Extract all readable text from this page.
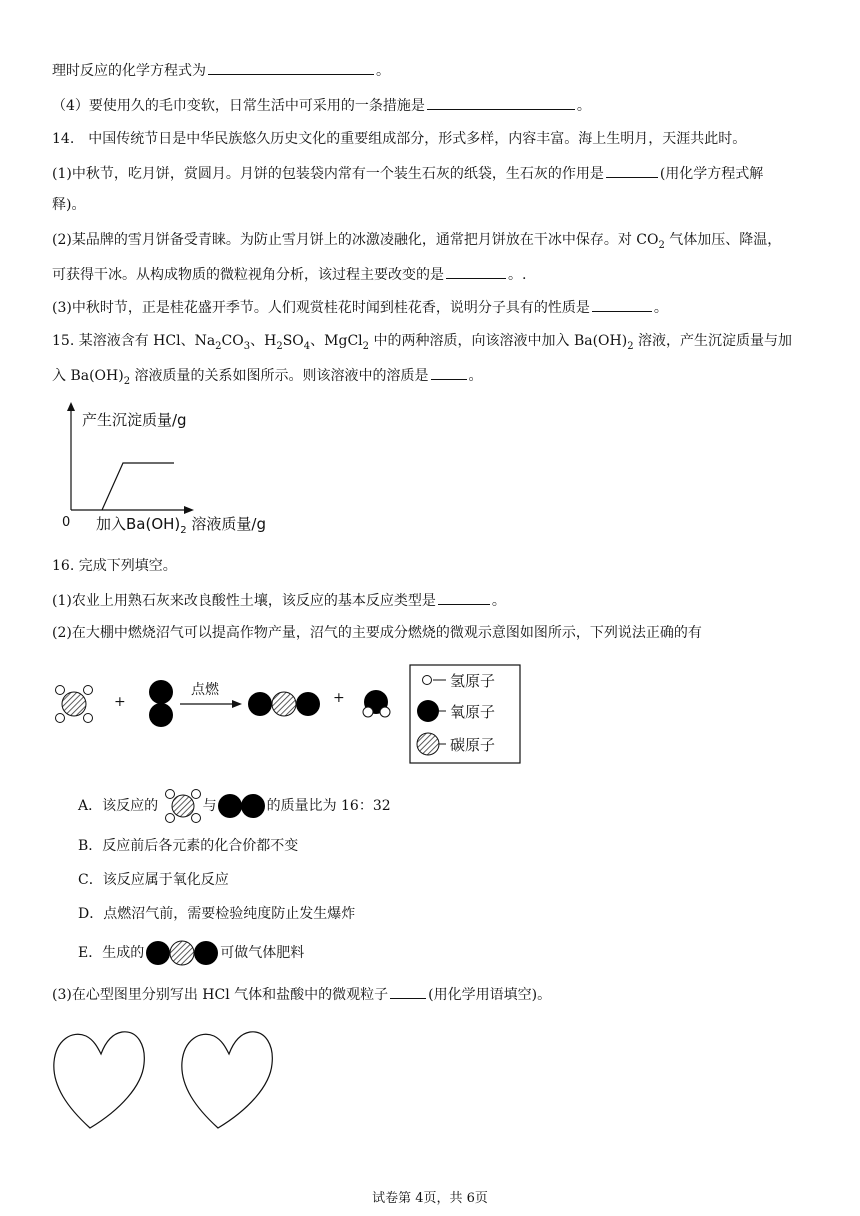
理时反应的化学方程式为	。
（4）要使用久的毛巾变软，日常生活中可采用的一条措施是	。
14.　中国传统节日是中华民族悠久历史文化的重要组成部分，形式多样，内容丰富。海上生明月，天涯共此时。
(1)中秋节，吃月饼，赏圆月。月饼的包装袋内常有一个装生石灰的纸袋，生石灰的作用是	(用化学方程式解
释)。
(2)某品牌的雪月饼备受青睐。为防止雪月饼上的冰激凌融化，通常把月饼放在干冰中保存。对 $CO_2$ 气体加压、降温，
可获得干冰。从构成物质的微粒视角分析，该过程主要改变的是	。.
(3)中秋时节，正是桂花盛开季节。人们观赏桂花时闻到桂花香，说明分子具有的性质是	。
15. 某溶液含有 HCl、$Na_2CO_3$、$H_2SO_4$、MgCl$_2$ 中的两种溶质，向该溶液中加入 $Ba(OH)_2$ 溶液，产生沉淀质量与加
入 $Ba(OH)_2$ 溶液质量的关系如图所示。则该溶液中的溶质是	。
产生沉淀质量/g
0 加入$Ba(OH)_2$ 溶液质量/g
16. 完成下列填空。
(1)农业上用熟石灰来改良酸性土壤，该反应的基本反应类型是	。
(2)在大棚中燃烧沼气可以提高作物产量，沼气的主要成分燃烧的微观示意图如图所示，下列说法正确的有
+	+
点燃	氢原子
氧原子
碳原子
A．该反应的	与	的质量比为 16：32
B．反应前后各元素的化合价都不变
C．该反应属于氧化反应
D．点燃沼气前，需要检验纯度防止发生爆炸
E．生成的	可做气体肥料
(3)在心型图里分别写出 HCl 气体和盐酸中的微观粒子	(用化学用语填空)。
试卷第 4页，共 6页
